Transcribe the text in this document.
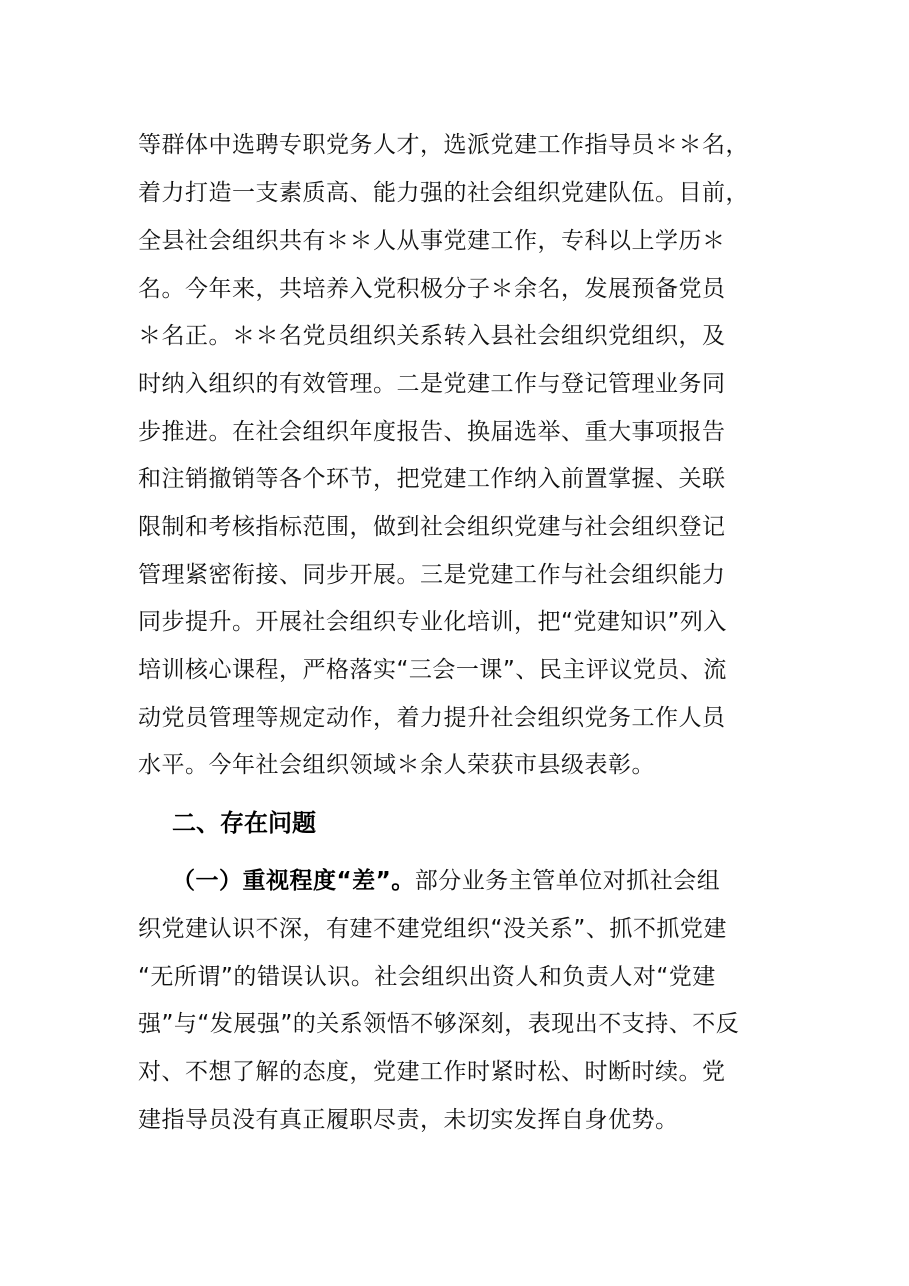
等群体中选聘专职党务人才，选派党建工作指导员＊＊名，
着力打造一支素质高、能力强的社会组织党建队伍。目前，
全县社会组织共有＊＊人从事党建工作，专科以上学历＊
名。今年来，共培养入党积极分子＊余名，发展预备党员
＊名正。＊＊名党员组织关系转入县社会组织党组织，及
时纳入组织的有效管理。二是党建工作与登记管理业务同
步推进。在社会组织年度报告、换届选举、重大事项报告
和注销撤销等各个环节，把党建工作纳入前置掌握、关联
限制和考核指标范围，做到社会组织党建与社会组织登记
管理紧密衔接、同步开展。三是党建工作与社会组织能力
同步提升。开展社会组织专业化培训，把“党建知识”列入
培训核心课程，严格落实“三会一课”、民主评议党员、流
动党员管理等规定动作，着力提升社会组织党务工作人员
水平。今年社会组织领域＊余人荣获市县级表彰。
二、存在问题
（一）重视程度“差”。部分业务主管单位对抓社会组
织党建认识不深，有建不建党组织“没关系”、抓不抓党建
“无所谓”的错误认识。社会组织出资人和负责人对“党建
强”与“发展强”的关系领悟不够深刻，表现出不支持、不反
对、不想了解的态度，党建工作时紧时松、时断时续。党
建指导员没有真正履职尽责，未切实发挥自身优势。
